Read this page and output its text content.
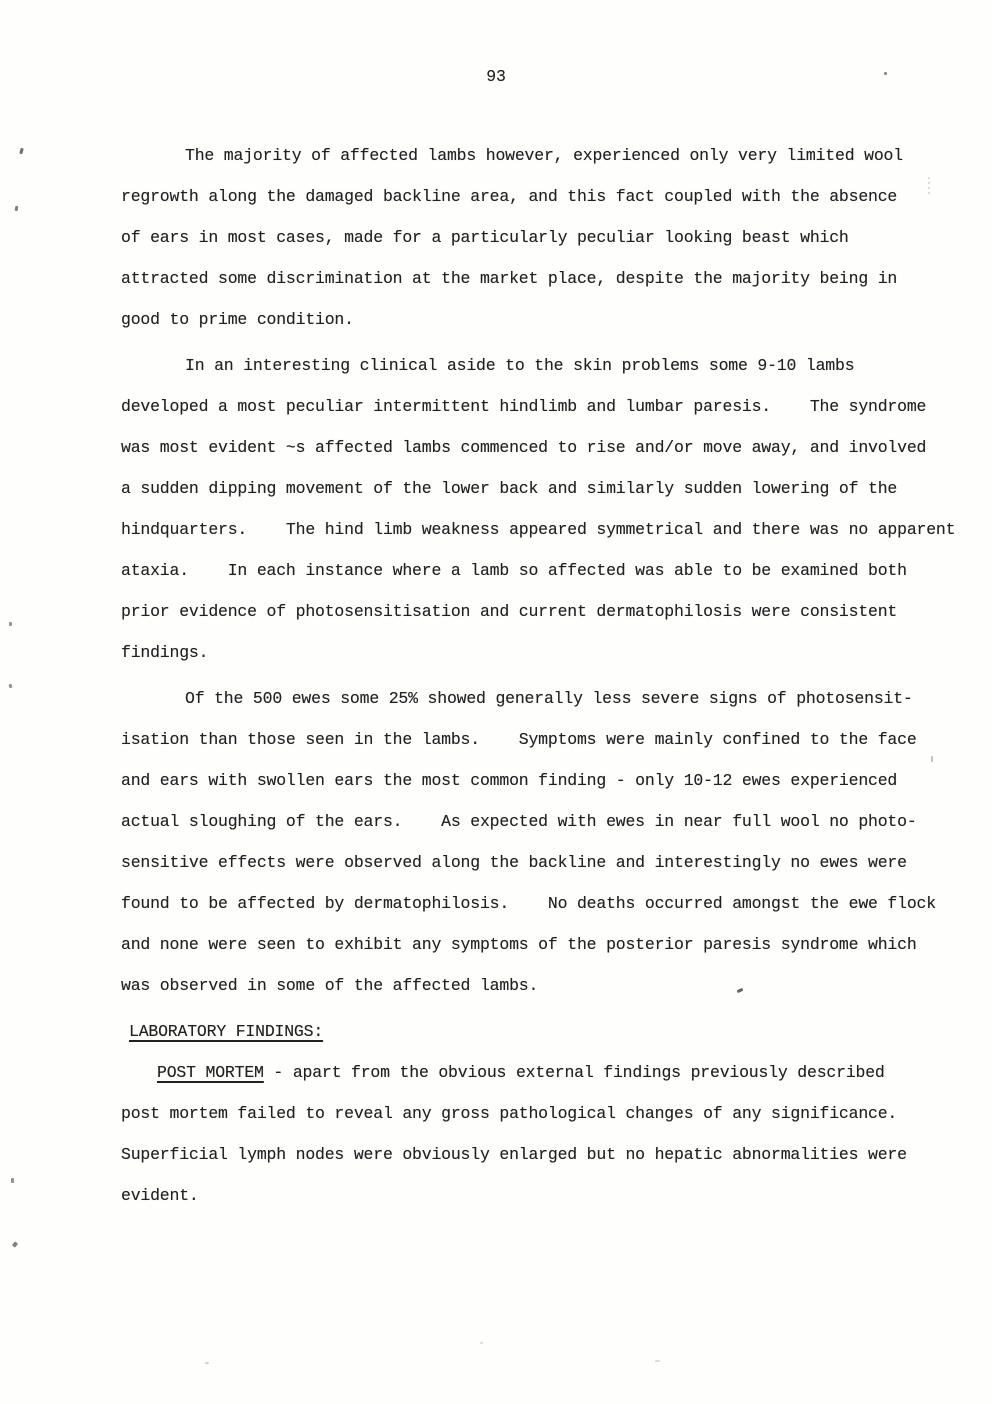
93
The majority of affected lambs however, experienced only very limited wool
regrowth along the damaged backline area, and this fact coupled with the absence
of ears in most cases, made for a particularly peculiar looking beast which
attracted some discrimination at the market place, despite the majority being in
good to prime condition.
In an interesting clinical aside to the skin problems some 9-10 lambs
developed a most peculiar intermittent hindlimb and lumbar paresis.    The syndrome
was most evident ~s affected lambs commenced to rise and/or move away, and involved
a sudden dipping movement of the lower back and similarly sudden lowering of the
hindquarters.    The hind limb weakness appeared symmetrical and there was no apparent
ataxia.    In each instance where a lamb so affected was able to be examined both
prior evidence of photosensitisation and current dermatophilosis were consistent
findings.
Of the 500 ewes some 25% showed generally less severe signs of photosensit-
isation than those seen in the lambs.    Symptoms were mainly confined to the face
and ears with swollen ears the most common finding - only 10-12 ewes experienced
actual sloughing of the ears.    As expected with ewes in near full wool no photo-
sensitive effects were observed along the backline and interestingly no ewes were
found to be affected by dermatophilosis.    No deaths occurred amongst the ewe flock
and none were seen to exhibit any symptoms of the posterior paresis syndrome which
was observed in some of the affected lambs.
LABORATORY FINDINGS:
POST MORTEM - apart from the obvious external findings previously described
post mortem failed to reveal any gross pathological changes of any significance.
Superficial lymph nodes were obviously enlarged but no hepatic abnormalities were
evident.
